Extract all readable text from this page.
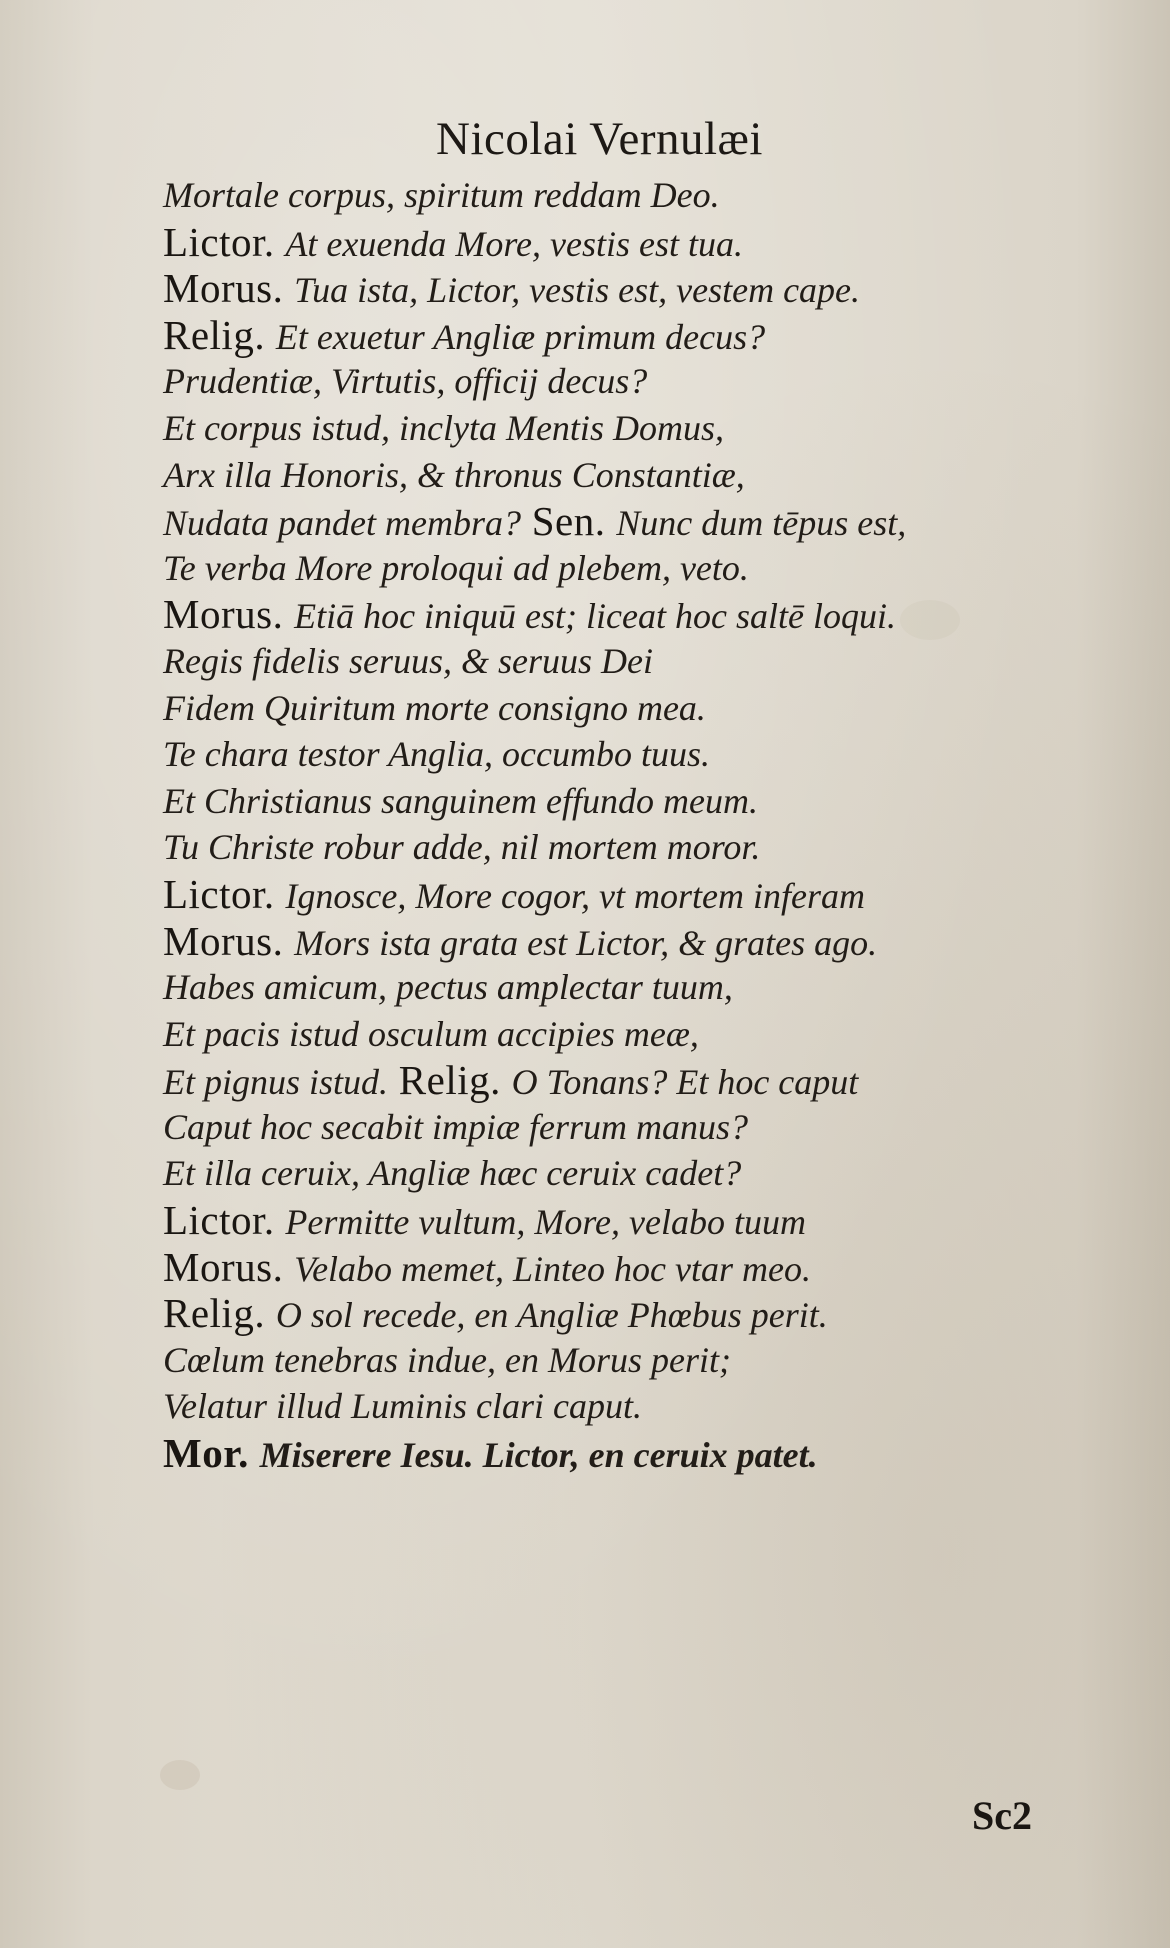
Nicolai Vernulæi
Mortale corpus, spiritum reddam Deo.
Lictor. At exuenda More, vestis est tua.
Morus. Tua ista, Lictor, vestis est, vestem cape.
Relig. Et exuetur Angliæ primum decus?
Prudentiæ, Virtutis, officij decus?
Et corpus istud, inclyta Mentis Domus,
Arx illa Honoris, & thronus Constantiæ,
Nudata pandet membra? Sen. Nunc dum tēpus est,
Te verba More proloqui ad plebem, veto.
Morus. Etiā hoc iniquū est; liceat hoc saltē loqui.
Regis fidelis seruus, & seruus Dei
Fidem Quiritum morte consigno mea.
Te chara testor Anglia, occumbo tuus.
Et Christianus sanguinem effundo meum.
Tu Christe robur adde, nil mortem moror.
Lictor. Ignosce, More cogor, vt mortem inferam
Morus. Mors ista grata est Lictor, & grates ago.
Habes amicum, pectus amplectar tuum,
Et pacis istud osculum accipies meæ,
Et pignus istud. Relig. O Tonans? Et hoc caput
Caput hoc secabit impiæ ferrum manus?
Et illa ceruix, Angliæ hæc ceruix cadet?
Lictor. Permitte vultum, More, velabo tuum
Morus. Velabo memet, Linteo hoc vtar meo.
Relig. O sol recede, en Angliæ Phœbus perit.
Cœlum tenebras indue, en Morus perit;
Velatur illud Luminis clari caput.
Mor. Miserere Iesu. Lictor, en ceruix patet.
Sc2
